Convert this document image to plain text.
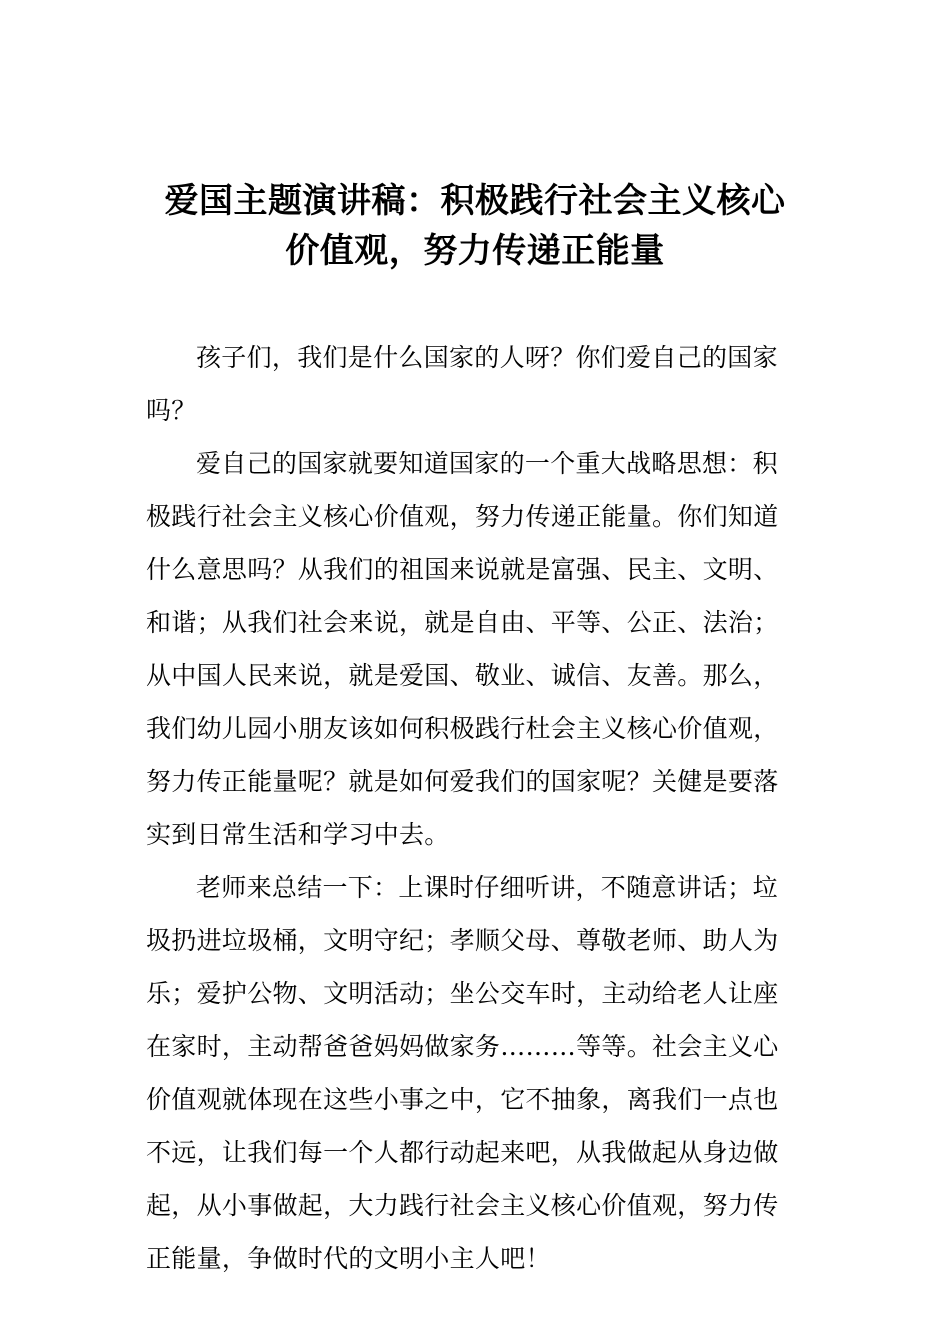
爱国主题演讲稿：积极践行社会主义核心
价值观，努力传递正能量
孩子们，我们是什么国家的人呀？你们爱自己的国家
吗？
爱自己的国家就要知道国家的一个重大战略思想：积
极践行社会主义核心价值观，努力传递正能量。你们知道
什么意思吗？从我们的祖国来说就是富强、民主、文明、
和谐；从我们社会来说，就是自由、平等、公正、法治；
从中国人民来说，就是爱国、敬业、诚信、友善。那么，
我们幼儿园小朋友该如何积极践行杜会主义核心价值观，
努力传正能量呢？就是如何爱我们的国家呢？关健是要落
实到日常生活和学习中去。
老师来总结一下：上课时仔细听讲，不随意讲话；垃
圾扔进垃圾桶，文明守纪；孝顺父母、尊敬老师、助人为
乐；爱护公物、文明活动；坐公交车时，主动给老人让座
在家时，主动帮爸爸妈妈做家务………等等。社会主义心
价值观就体现在这些小事之中，它不抽象，离我们一点也
不远，让我们每一个人都行动起来吧，从我做起从身边做
起，从小事做起，大力践行社会主义核心价值观，努力传
正能量，争做时代的文明小主人吧！
